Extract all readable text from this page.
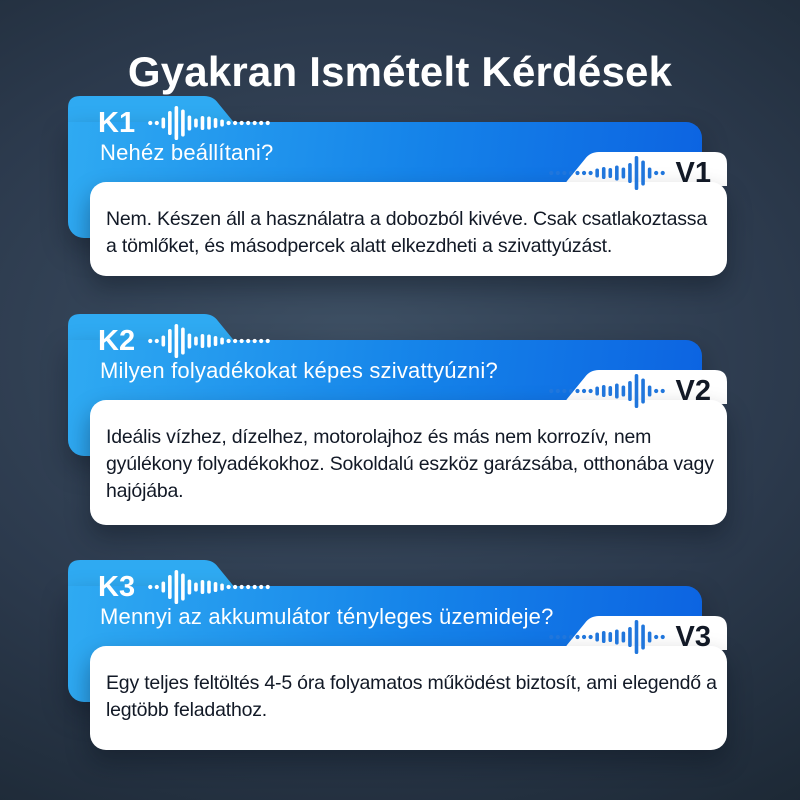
Gyakran Ismételt Kérdések
K1
Nehéz beállítani?
V1
Nem. Készen áll a használatra a dobozból kivéve. Csak csatlakoztassa a tömlőket, és másodpercek alatt elkezdheti a szivattyúzást.
K2
Milyen folyadékokat képes szivattyúzni?
V2
Ideális vízhez, dízelhez, motorolajhoz és más nem korrozív, nem gyúlékony folyadékokhoz. Sokoldalú eszköz garázsába, otthonába vagy hajójába.
K3
Mennyi az akkumulátor tényleges üzemideje?
V3
Egy teljes feltöltés 4-5 óra folyamatos működést biztosít, ami elegendő a legtöbb feladathoz.
